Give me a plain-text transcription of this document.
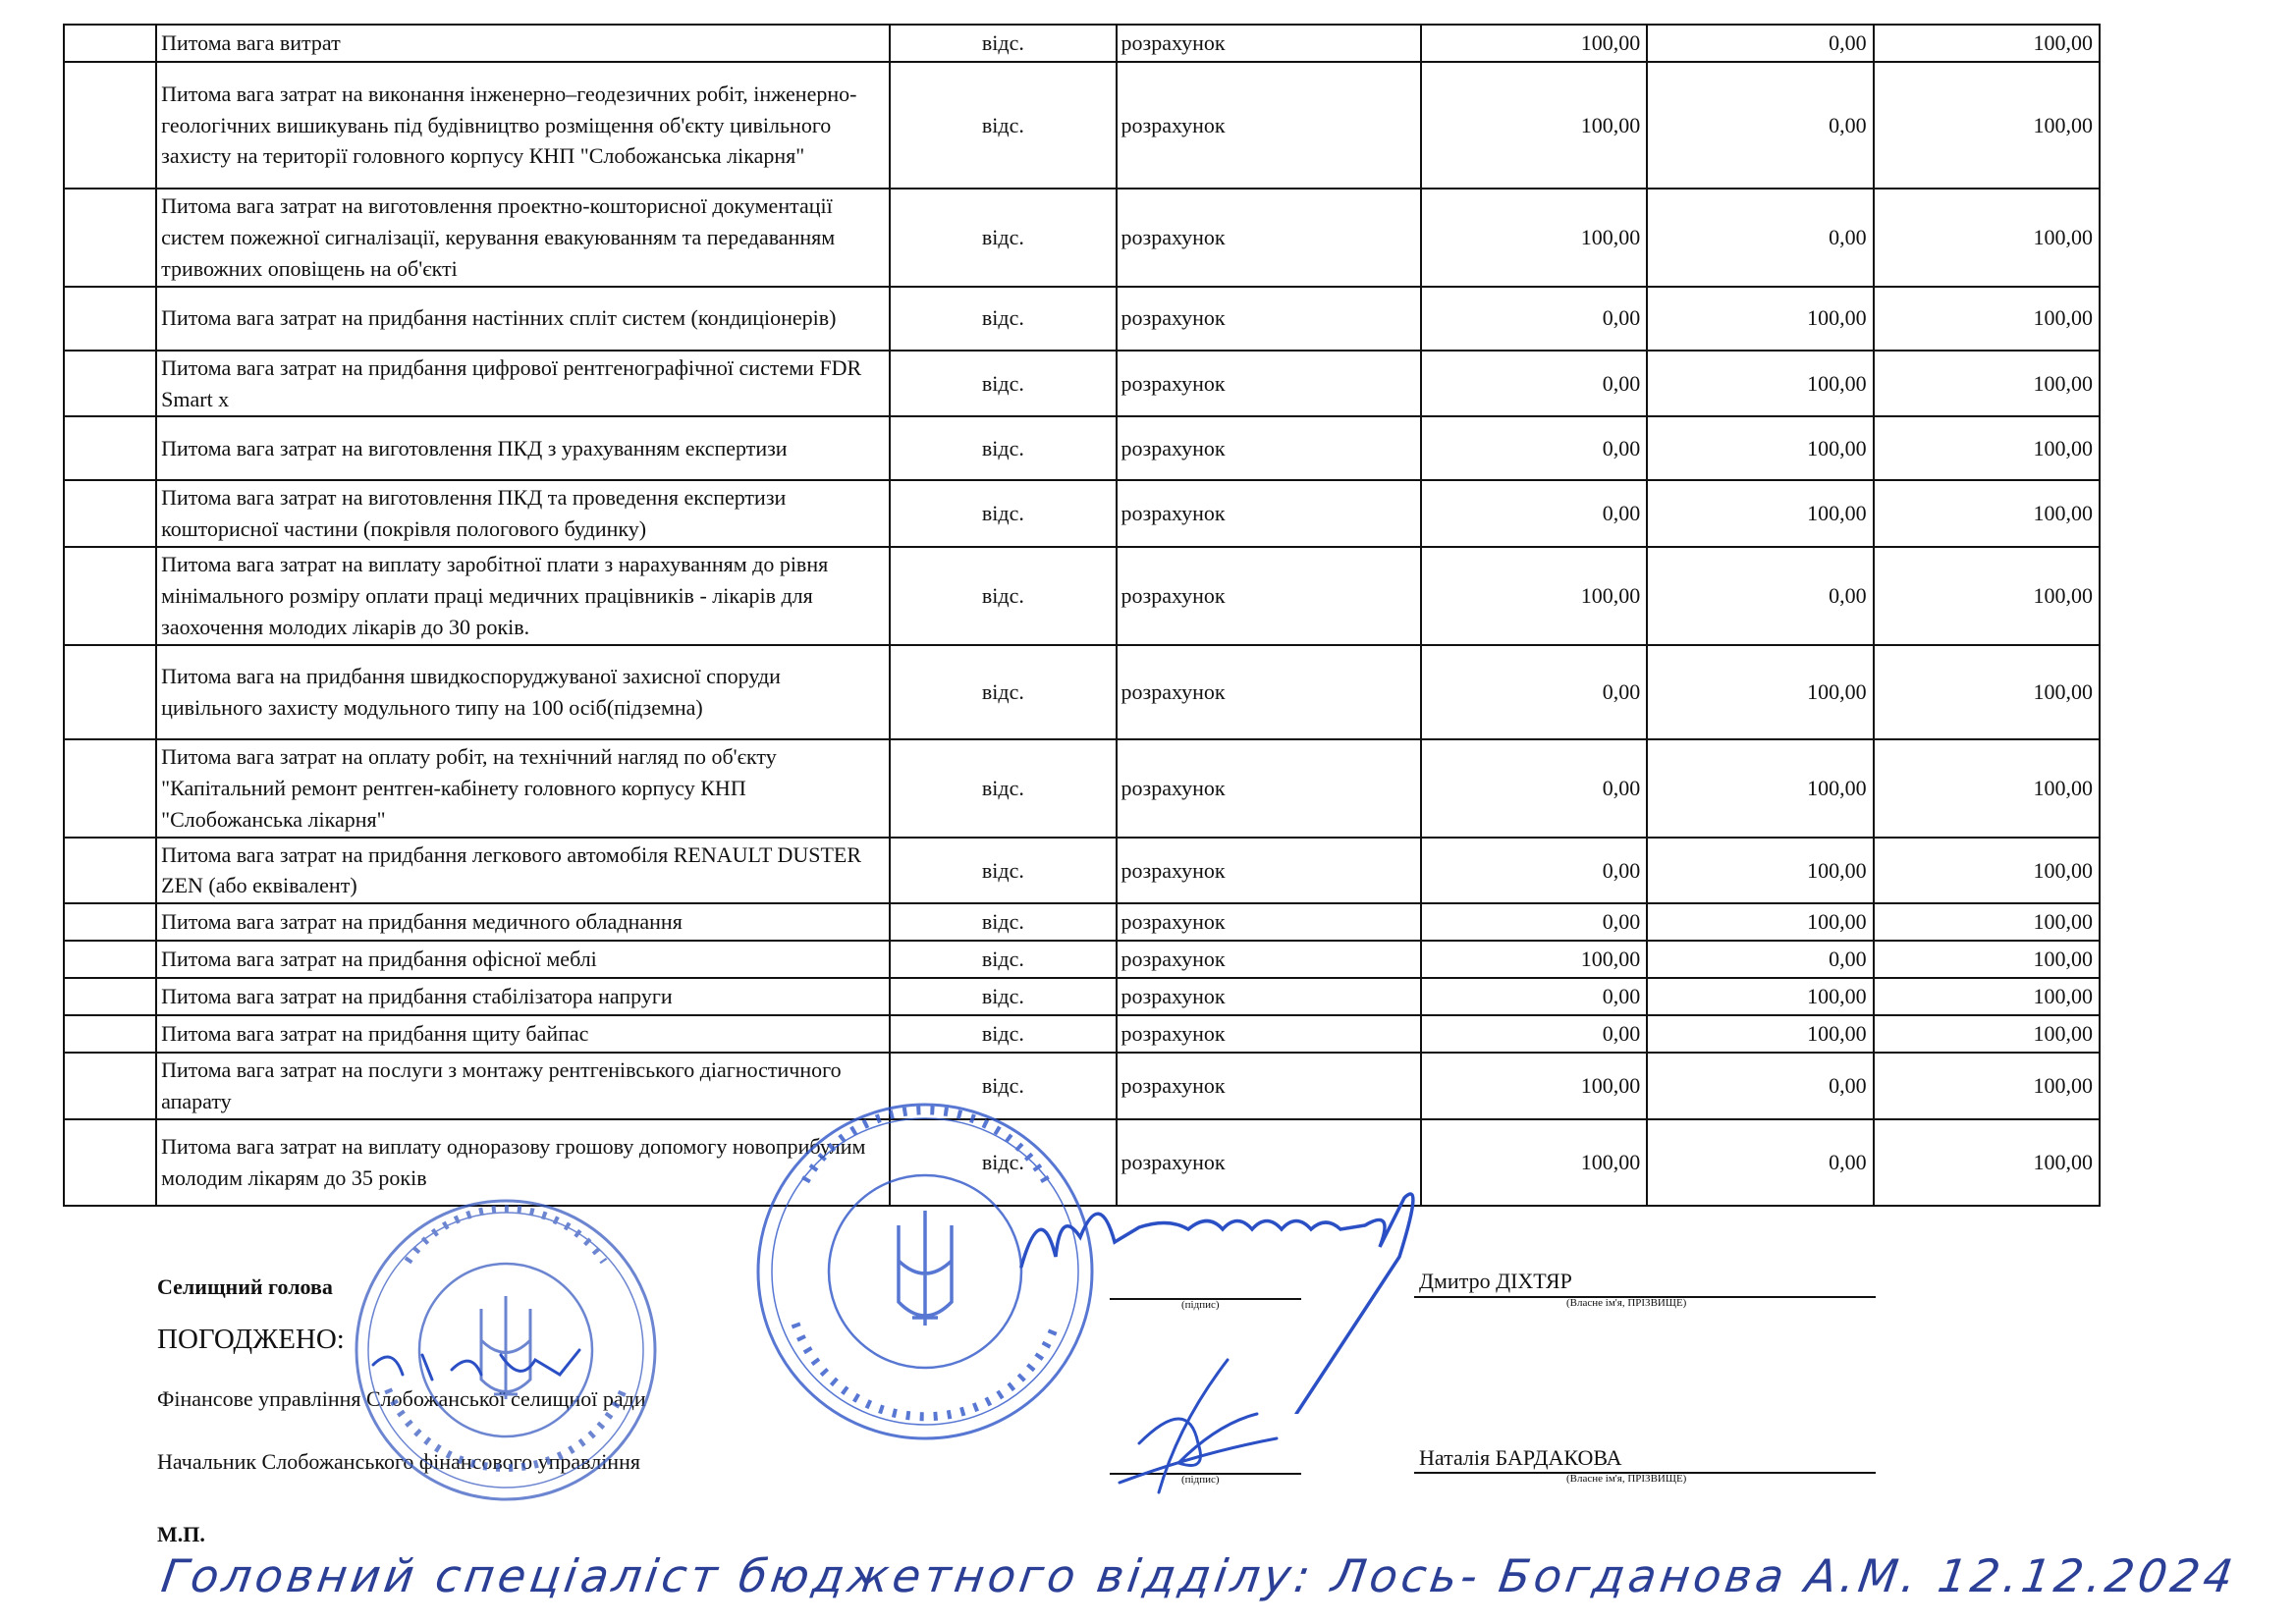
	Питома вага витрат	відс.	розрахунок	100,00	0,00	100,00
	Питома вага затрат на виконання інженерно–геодезичних робіт, інженерно-геологічних вишикувань під будівництво розміщення об'єкту цивільного захисту на території головного корпусу КНП "Слобожанська лікарня"	відс.	розрахунок	100,00	0,00	100,00
	Питома вага затрат на виготовлення проектно-кошторисної документації систем пожежної сигналізації, керування евакуюванням та передаванням тривожних оповіщень на об'єкті	відс.	розрахунок	100,00	0,00	100,00
	Питома вага затрат на придбання настінних спліт систем (кондиціонерів)	відс.	розрахунок	0,00	100,00	100,00
	Питома вага затрат на придбання цифрової рентгенографічної системи FDR Smart x	відс.	розрахунок	0,00	100,00	100,00
	Питома вага затрат на виготовлення ПКД з урахуванням експертизи	відс.	розрахунок	0,00	100,00	100,00
	Питома вага затрат на виготовлення ПКД та проведення експертизи кошторисної частини (покрівля пологового будинку)	відс.	розрахунок	0,00	100,00	100,00
	Питома вага затрат на виплату заробітної плати з нарахуванням до рівня мінімального розміру оплати праці медичних працівників - лікарів для заохочення молодих лікарів до 30 років.	відс.	розрахунок	100,00	0,00	100,00
	Питома вага на придбання швидкоспоруджуваної захисної споруди цивільного захисту модульного типу на 100 осіб(підземна)	відс.	розрахунок	0,00	100,00	100,00
	Питома вага затрат на оплату робіт, на технічний нагляд по об'єкту "Капітальний ремонт рентген-кабінету головного корпусу КНП "Слобожанська лікарня"	відс.	розрахунок	0,00	100,00	100,00
	Питома вага затрат на придбання легкового автомобіля RENAULT DUSTER ZEN (або еквівалент)	відс.	розрахунок	0,00	100,00	100,00
	Питома вага затрат на придбання медичного обладнання	відс.	розрахунок	0,00	100,00	100,00
	Питома вага затрат на придбання офісної меблі	відс.	розрахунок	100,00	0,00	100,00
	Питома вага затрат на придбання стабілізатора напруги	відс.	розрахунок	0,00	100,00	100,00
	Питома вага затрат на придбання щиту байпас	відс.	розрахунок	0,00	100,00	100,00
	Питома вага затрат на послуги з монтажу рентгенівського діагностичного апарату	відс.	розрахунок	100,00	0,00	100,00
	Питома вага затрат на виплату одноразову грошову допомогу новоприбулим молодим лікарям до 35 років	відс.	розрахунок	100,00	0,00	100,00
Селищний голова
ПОГОДЖЕНО:
Фінансове управління Слобожанської селищної ради
Начальник Слобожанського фінансового управління
М.П.
(підпис)
Дмитро ДІХТЯР
(Власне ім'я, ПРІЗВИЩЕ)
(підпис)
Наталія БАРДАКОВА
(Власне ім'я, ПРІЗВИЩЕ)
Головний спеціаліст бюджетного відділу: Лось- Богданова А.М. 12.12.2024
